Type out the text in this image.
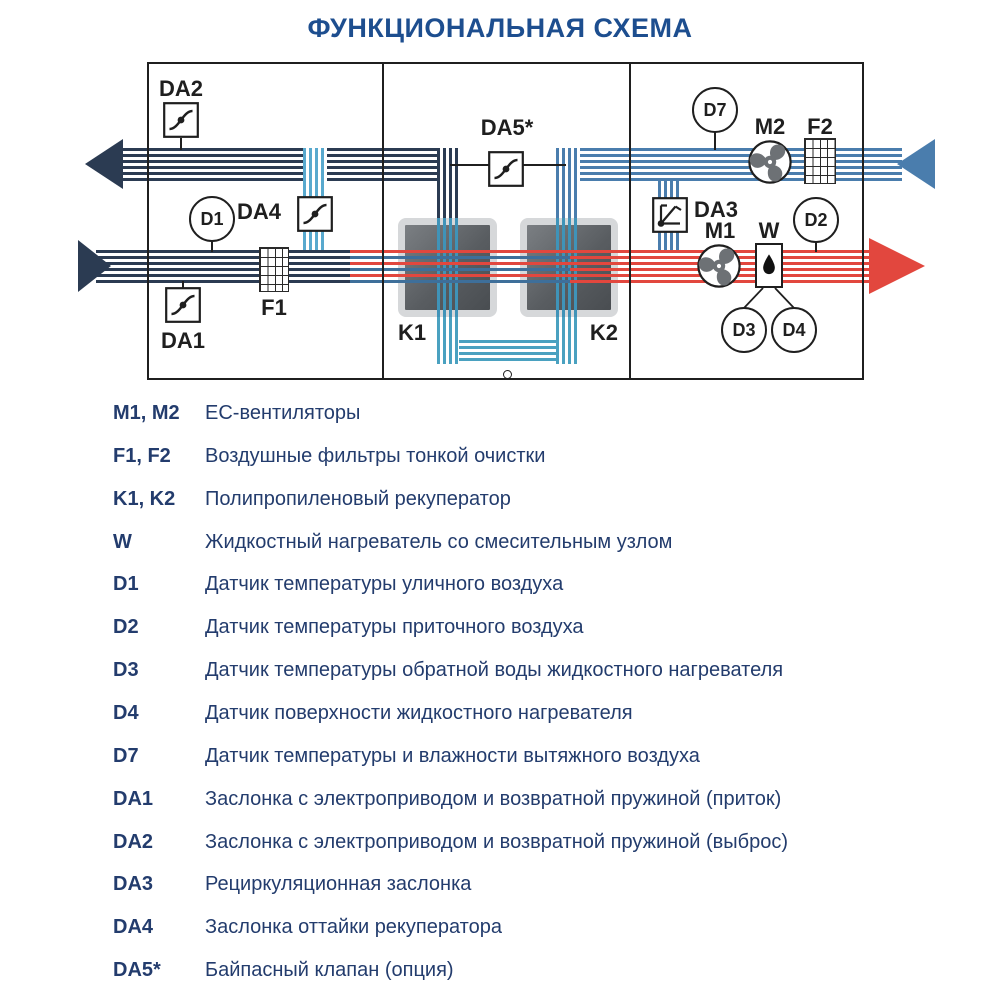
ФУНКЦИОНАЛЬНАЯ СХЕМА
D1
D7
D2
D3 D4
DA2
DA4
DA1
F1
K1	K2
DA5*	M2 F2
DA3
M1	W
M1, M2 ЕС-вентиляторы
F1, F2 Воздушные фильтры тонкой очистки
K1, K2 Полипропиленовый рекуператор
W	Жидкостный нагреватель со смесительным узлом
D1	Датчик температуры уличного воздуха
D2	Датчик температуры приточного воздуха
D3	Датчик температуры обратной воды жидкостного нагревателя
D4	Датчик поверхности жидкостного нагревателя
D7	Датчик температуры и влажности вытяжного воздуха
DA1	Заслонка с электроприводом и возвратной пружиной (приток)
DA2	Заслонка с электроприводом и возвратной пружиной (выброс)
DA3	Рециркуляционная заслонка
DA4	Заслонка оттайки рекуператора
DA5* Байпасный клапан (опция)
